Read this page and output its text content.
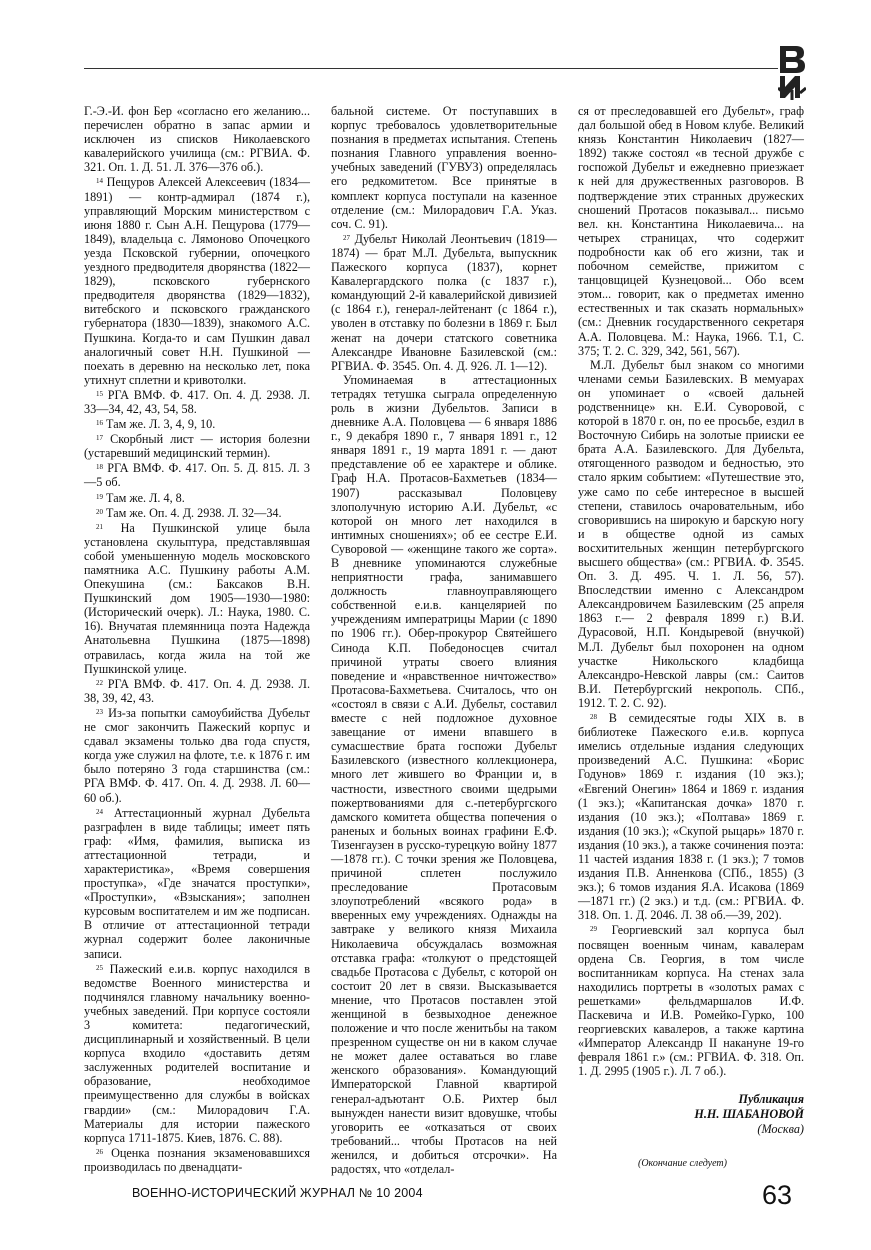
Г.-Э.-И. фон Бер «согласно его желанию... перечислен обратно в запас армии и исключен из списков Николаевского кавалерийского училища (см.: РГВИА. Ф. 321. Оп. 1. Д. 51. Л. 376—376 об.).

$^{14}$ Пещуров Алексей Алексеевич (1834—1891) — контр-адмирал (1874 г.), управляющий Морским министерством с июня 1880 г. Сын А.Н. Пещурова (1779—1849), владельца с. Лямоново Опочецкого уезда Псковской губернии, опочецкого уездного предводителя дворянства (1822—1829), псковского губернского предводителя дворянства (1829—1832), витебского и псковского гражданского губернатора (1830—1839), знакомого А.С. Пушкина. Когда-то и сам Пушкин давал аналогичный совет Н.Н. Пушкиной — поехать в деревню на несколько лет, пока утихнут сплетни и кривотолки.

$^{15}$ РГА ВМФ. Ф. 417. Оп. 4. Д. 2938. Л. 33—34, 42, 43, 54, 58.

$^{16}$ Там же. Л. 3, 4, 9, 10.

$^{17}$ Скорбный лист — история болезни (устаревший медицинский термин).

$^{18}$ РГА ВМФ. Ф. 417. Оп. 5. Д. 815. Л. 3—5 об.

$^{19}$ Там же. Л. 4, 8.

$^{20}$ Там же. Оп. 4. Д. 2938. Л. 32—34.

$^{21}$ На Пушкинской улице была установлена скульптура, представлявшая собой уменьшенную модель московского памятника А.С. Пушкину работы А.М. Опекушина (см.: Баксаков В.Н. Пушкинский дом 1905—1930—1980: (Исторический очерк). Л.: Наука, 1980. С. 16). Внучатая племянница поэта Надежда Анатольевна Пушкина (1875—1898) отравилась, когда жила на той же Пушкинской улице.

$^{22}$ РГА ВМФ. Ф. 417. Оп. 4. Д. 2938. Л. 38, 39, 42, 43.

$^{23}$ Из-за попытки самоубийства Дубельт не смог закончить Пажеский корпус и сдавал экзамены только два года спустя, когда уже служил на флоте, т.е. к 1876 г. им было потеряно 3 года старшинства (см.: РГА ВМФ. Ф. 417. Оп. 4. Д. 2938. Л. 60—60 об.).

$^{24}$ Аттестационный журнал Дубельта разграфлен в виде таблицы; имеет пять граф: «Имя, фамилия, выписка из аттестационной тетради, и характеристика», «Время совершения проступка», «Где значатся проступки», «Проступки», «Взыскания»; заполнен курсовым воспитателем и им же подписан. В отличие от аттестационной тетради журнал содержит более лаконичные записи.

$^{25}$ Пажеский е.и.в. корпус находился в ведомстве Военного министерства и подчинялся главному начальнику военно-учебных заведений. При корпусе состояли 3 комитета: педагогический, дисциплинарный и хозяйственный. В цели корпуса входило «доставить детям заслуженных родителей воспитание и образование, необходимое преимущественно для службы в войсках гвардии» (см.: Милорадович Г.А. Материалы для истории пажеского корпуса 1711-1875. Киев, 1876. С. 88).

$^{26}$ Оценка познания экзаменовавшихся производилась по двенадцати-

бальной системе. От поступавших в корпус требовалось удовлетворительные познания в предметах испытания. Степень познания Главного управления военно-учебных заведений (ГУВУЗ) определялась его редкомитетом. Все принятые в комплект корпуса поступали на казенное отделение (см.: Милорадович Г.А. Указ. соч. С. 91).

$^{27}$ Дубельт Николай Леонтьевич (1819—1874) — брат М.Л. Дубельта, выпускник Пажеского корпуса (1837), корнет Кавалергардского полка (с 1837 г.), командующий 2-й кавалерийской дивизией (с 1864 г.), генерал-лейтенант (с 1864 г.), уволен в отставку по болезни в 1869 г. Был женат на дочери статского советника Александре Ивановне Базилевской (см.: РГВИА. Ф. 3545. Оп. 4. Д. 926. Л. 1—12).

Упоминаемая в аттестационных тетрадях тетушка сыграла определенную роль в жизни Дубельтов. Записи в дневнике А.А. Половцева — 6 января 1886 г., 9 декабря 1890 г., 7 января 1891 г., 12 января 1891 г., 19 марта 1891 г. — дают представление об ее характере и облике. Граф Н.А. Протасов-Бахметьев (1834—1907) рассказывал Половцеву злополучную историю А.И. Дубельт, «с которой он много лет находился в интимных сношениях»; об ее сестре Е.И. Суворовой — «женщине такого же сорта». В дневнике упоминаются служебные неприятности графа, занимавшего должность главноуправляющего собственной е.и.в. канцелярией по учреждениям императрицы Марии (с 1890 по 1906 гг.). Обер-прокурор Святейшего Синода К.П. Победоносцев считал причиной утраты своего влияния поведение и «нравственное ничтожество» Протасова-Бахметьева. Считалось, что он «состоял в связи с А.И. Дубельт, составил вместе с ней подложное духовное завещание от имени впавшего в сумасшествие брата госпожи Дубельт Базилевского (известного коллекционера, много лет жившего во Франции и, в частности, известного своими щедрыми пожертвованиями для с.-петербургского дамского комитета общества попечения о раненых и больных воинах графини Е.Ф. Тизенгаузен в русско-турецкую войну 1877—1878 гг.). С точки зрения же Половцева, причиной сплетен послужило преследование Протасовым злоупотреблений «всякого рода» в вверенных ему учреждениях. Однажды на завтраке у великого князя Михаила Николаевича обсуждалась возможная отставка графа: «толкуют о предстоящей свадьбе Протасова с Дубельт, с которой он состоит 20 лет в связи. Высказывается мнение, что Протасов поставлен этой женщиной в безвыходное денежное положение и что после женитьбы на таком презренном существе он ни в каком случае не может далее оставаться во главе женского образования». Командующий Императорской Главной квартирой генерал-адъютант О.Б. Рихтер был вынужден нанести визит вдовушке, чтобы уговорить ее «отказаться от своих требований... чтобы Протасов на ней женился, и добиться отсрочки». На радостях, что «отделал-

ся от преследовавшей его Дубельт», граф дал большой обед в Новом клубе. Великий князь Константин Николаевич (1827—1892) также состоял «в тесной дружбе с госпожой Дубельт и ежедневно приезжает к ней для дружественных разговоров. В подтверждение этих странных дружеских сношений Протасов показывал... письмо вел. кн. Константина Николаевича... на четырех страницах, что содержит подробности как об его жизни, так и побочном семействе, прижитом с танцовщицей Кузнецовой... Обо всем этом... говорит, как о предметах именно естественных и так сказать нормальных» (см.: Дневник государственного секретаря А.А. Половцева. М.: Наука, 1966. Т.1, С. 375; Т. 2. С. 329, 342, 561, 567).

М.Л. Дубельт был знаком со многими членами семьи Базилевских. В мемуарах он упоминает о «своей дальней родственнице» кн. Е.И. Суворовой, с которой в 1870 г. он, по ее просьбе, ездил в Восточную Сибирь на золотые прииски ее брата А.А. Базилевского. Для Дубельта, отягощенного разводом и бедностью, это стало ярким событием: «Путешествие это, уже само по себе интересное в высшей степени, ставилось очаровательным, ибо сговорившись на широкую и барскую ногу и в обществе одной из самых восхитительных женщин петербургского высшего общества» (см.: РГВИА. Ф. 3545. Оп. 3. Д. 495. Ч. 1. Л. 56, 57). Впоследствии именно с Александром Александровичем Базилевским (25 апреля 1863 г.— 2 февраля 1899 г.) В.И. Дурасовой, Н.П. Кондыревой (внучкой) М.Л. Дубельт был похоронен на одном участке Никольского кладбища Александро-Невской лавры (см.: Саитов В.И. Петербургский некрополь. СПб., 1912. Т. 2. С. 92).

$^{28}$ В семидесятые годы XIX в. в библиотеке Пажеского е.и.в. корпуса имелись отдельные издания следующих произведений А.С. Пушкина: «Борис Годунов» 1869 г. издания (10 экз.); «Евгений Онегин» 1864 и 1869 г. издания (1 экз.); «Капитанская дочка» 1870 г. издания (10 экз.); «Полтава» 1869 г. издания (10 экз.); «Скупой рыцарь» 1870 г. издания (10 экз.), а также сочинения поэта: 11 частей издания 1838 г. (1 экз.); 7 томов издания П.В. Анненкова (СПб., 1855) (3 экз.); 6 томов издания Я.А. Исакова (1869—1871 гг.) (2 экз.) и т.д. (см.: РГВИА. Ф. 318. Оп. 1. Д. 2046. Л. 38 об.—39, 202).

$^{29}$ Георгиевский зал корпуса был посвящен военным чинам, кавалерам ордена Св. Георгия, в том числе воспитанникам корпуса. На стенах зала находились портреты в «золотых рамах с решетками» фельдмаршалов И.Ф. Паскевича и И.В. Ромейко-Гурко, 100 георгиевских кавалеров, а также картина «Император Александр II накануне 19-го февраля 1861 г.» (см.: РГВИА. Ф. 318. Оп. 1. Д. 2995 (1905 г.). Л. 7 об.).

Публикация
Н.Н. ШАБАНОВОЙ
(Москва)
(Окончание следует)
ВОЕННО-ИСТОРИЧЕСКИЙ ЖУРНАЛ № 10 2004	63
